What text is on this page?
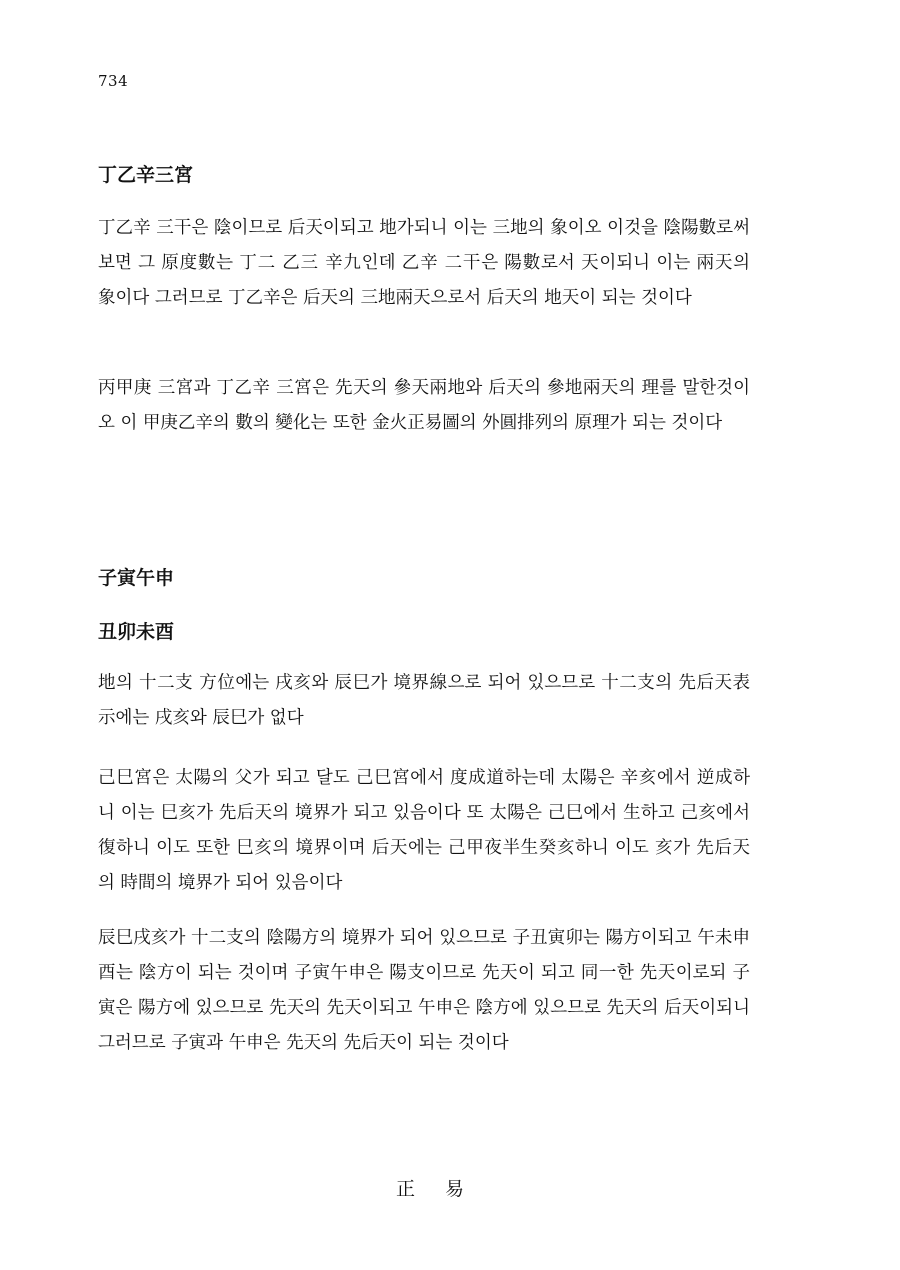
734
丁乙辛三宮

丁乙辛 三干은 陰이므로 后天이되고 地가되니 이는 三地의 象이오 이것을 陰陽數로써 보면 그 原度數는 丁二 乙三 辛九인데 乙辛 二干은 陽數로서 天이되니 이는 兩天의 象이다 그러므로 丁乙辛은 后天의 三地兩天으로서 后天의 地天이 되는 것이다

丙甲庚 三宮과 丁乙辛 三宮은 先天의 參天兩地와 后天의 參地兩天의 理를 말한것이오 이 甲庚乙辛의 數의 變化는 또한 金火正易圖의 外圓排列의 原理가 되는 것이다

子寅午申
丑卯未酉

地의 十二支 方位에는 戌亥와 辰巳가 境界線으로 되어 있으므로 十二支의 先后天表示에는 戌亥와 辰巳가 없다

己巳宮은 太陽의 父가 되고 달도 己巳宮에서 度成道하는데 太陽은 辛亥에서 逆成하니 이는 巳亥가 先后天의 境界가 되고 있음이다 또 太陽은 己巳에서 生하고 己亥에서 復하니 이도 또한 巳亥의 境界이며 后天에는 己甲夜半生癸亥하니 이도 亥가 先后天의 時間의 境界가 되어 있음이다

辰巳戌亥가 十二支의 陰陽方의 境界가 되어 있으므로 子丑寅卯는 陽方이되고 午未申酉는 陰方이 되는 것이며 子寅午申은 陽支이므로 先天이 되고 同一한 先天이로되 子寅은 陽方에 있으므로 先天의 先天이되고 午申은 陰方에 있으므로 先天의 后天이되니 그러므로 子寅과 午申은 先天의 先后天이 되는 것이다

正 易
